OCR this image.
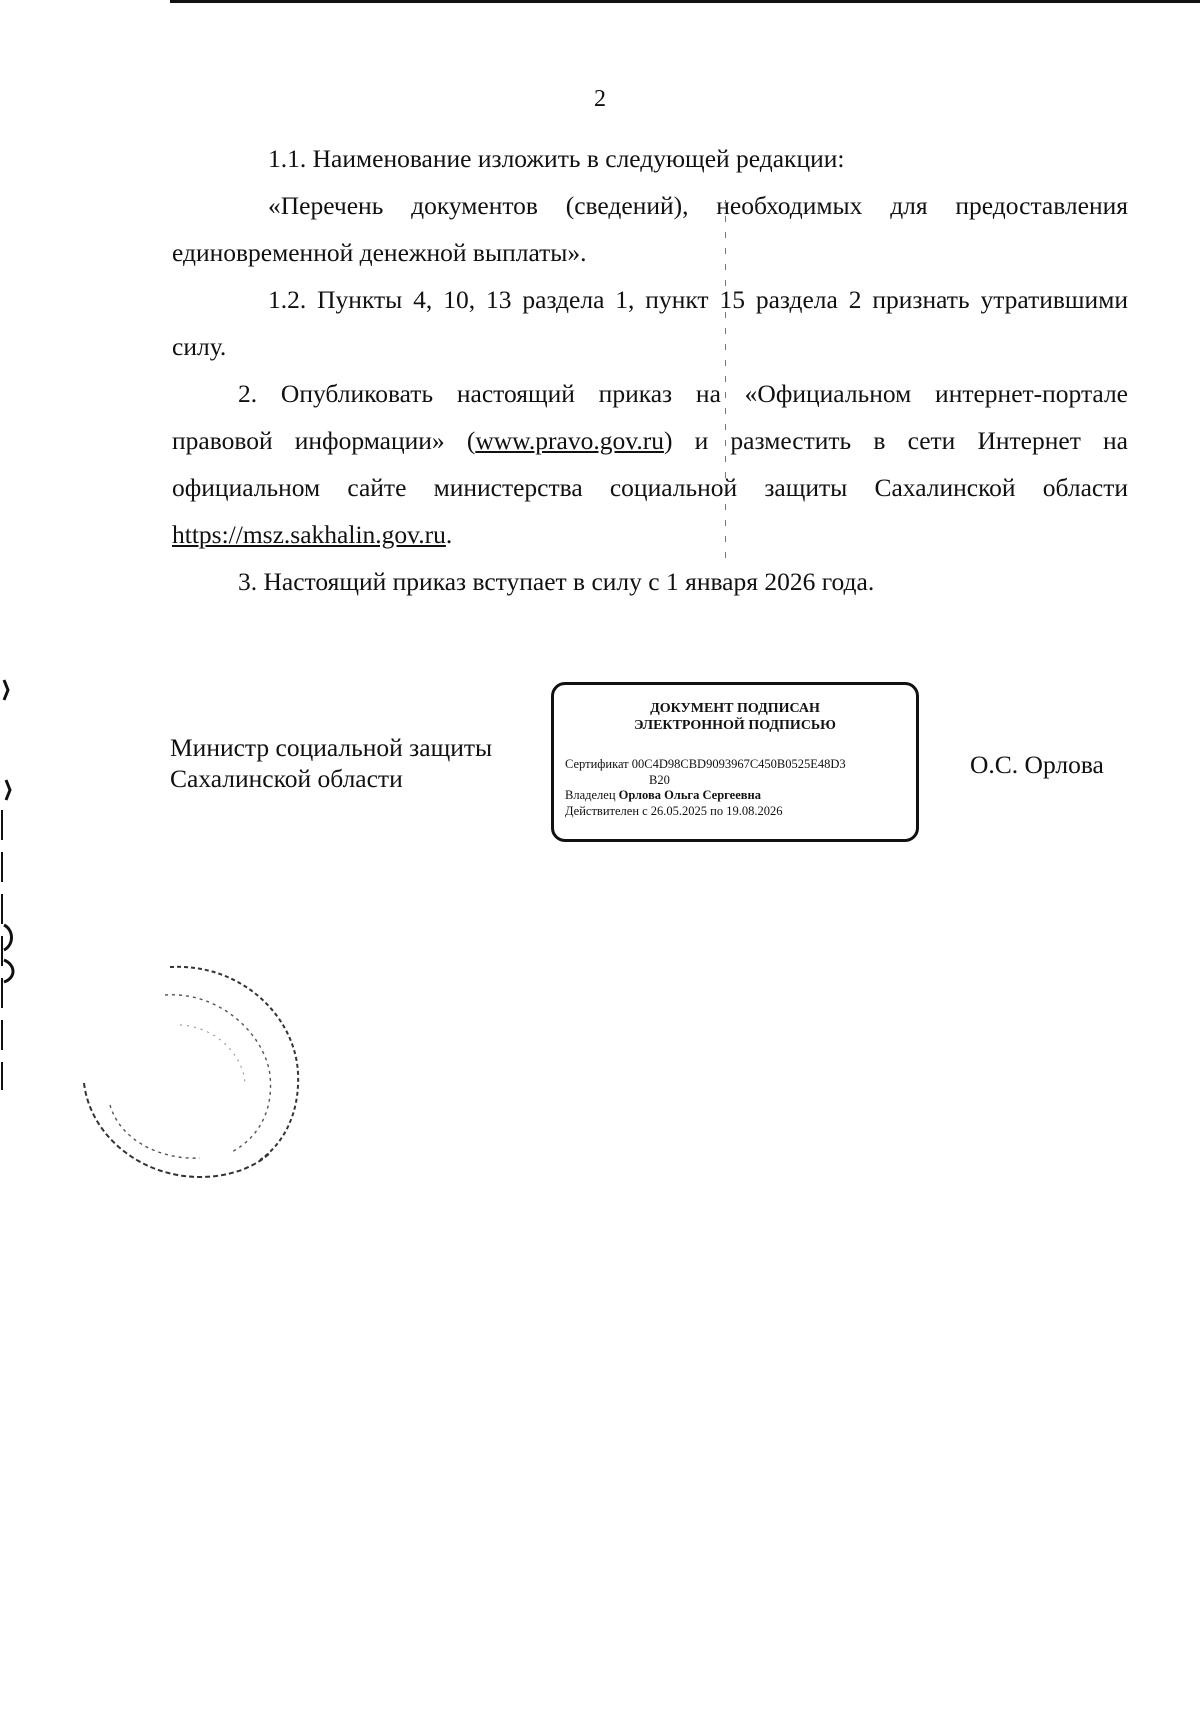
2

1.1. Наименование изложить в следующей редакции:

«Перечень документов (сведений), необходимых для предоставления единовременной денежной выплаты».

1.2. Пункты 4, 10, 13 раздела 1, пункт 15 раздела 2 признать утратившими силу.

2. Опубликовать настоящий приказ на «Официальном интернет-портале правовой информации» (www.pravo.gov.ru) и разместить в сети Интернет на официальном сайте министерства социальной защиты Сахалинской области https://msz.sakhalin.gov.ru.

3. Настоящий приказ вступает в силу с 1 января 2026 года.

Министр социальной защиты
Сахалинской области
ДОКУМЕНТ ПОДПИСАН
ЭЛЕКТРОННОЙ ПОДПИСЬЮ
Сертификат 00C4D98CBD9093967C450B0525E48D3
B20
Владелец Орлова Ольга Сергеевна
Действителен с 26.05.2025 по 19.08.2026
О.С. Орлова
